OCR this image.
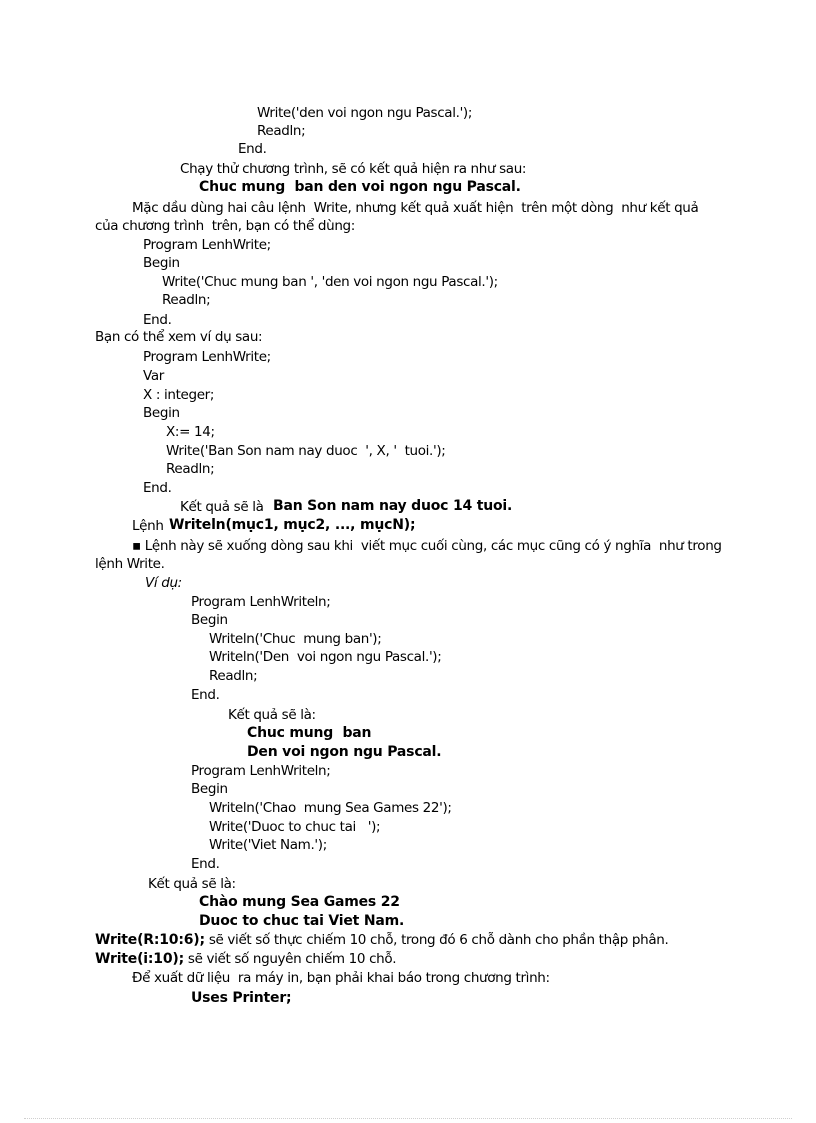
Write('den voi ngon ngu Pascal.');
Readln;
End.
Chạy thử chương trình, sẽ có kết quả hiện ra như sau:
Chuc mung  ban den voi ngon ngu Pascal.
Mặc dầu dùng hai câu lệnh  Write, nhưng kết quả xuất hiện  trên một dòng  như kết quả
của chương trình  trên, bạn có thể dùng:
Program LenhWrite;
Begin
Write('Chuc mung ban ', 'den voi ngon ngu Pascal.');
Readln;
End.
Bạn có thể xem ví dụ sau:
Program LenhWrite;
Var
X : integer;
Begin
X:= 14;
Write('Ban Son nam nay duoc  ', X, '  tuoi.');
Readln;
End.
Kết quả sẽ là Ban Son nam nay duoc 14 tuoi.
Lệnh Writeln(mục1, mục2, ..., mụcN);
▪ Lệnh này sẽ xuống dòng sau khi  viết mục cuối cùng, các mục cũng có ý nghĩa  như trong
lệnh Write.
Ví dụ:
Program LenhWriteln;
Begin
Writeln('Chuc  mung ban');
Writeln('Den  voi ngon ngu Pascal.');
Readln;
End.
Kết quả sẽ là:
Chuc mung  ban
Den voi ngon ngu Pascal.
Program LenhWriteln;
Begin
Writeln('Chao  mung Sea Games 22');
Write('Duoc to chuc tai   ');
Write('Viet Nam.');
End.
Kết quả sẽ là:
Chào mung Sea Games 22
Duoc to chuc tai Viet Nam.
Write(R:10:6); sẽ viết số thực chiếm 10 chỗ, trong đó 6 chỗ dành cho phần thập phân.
Write(i:10); sẽ viết số nguyên chiếm 10 chỗ.
Để xuất dữ liệu  ra máy in, bạn phải khai báo trong chương trình:
Uses Printer;
